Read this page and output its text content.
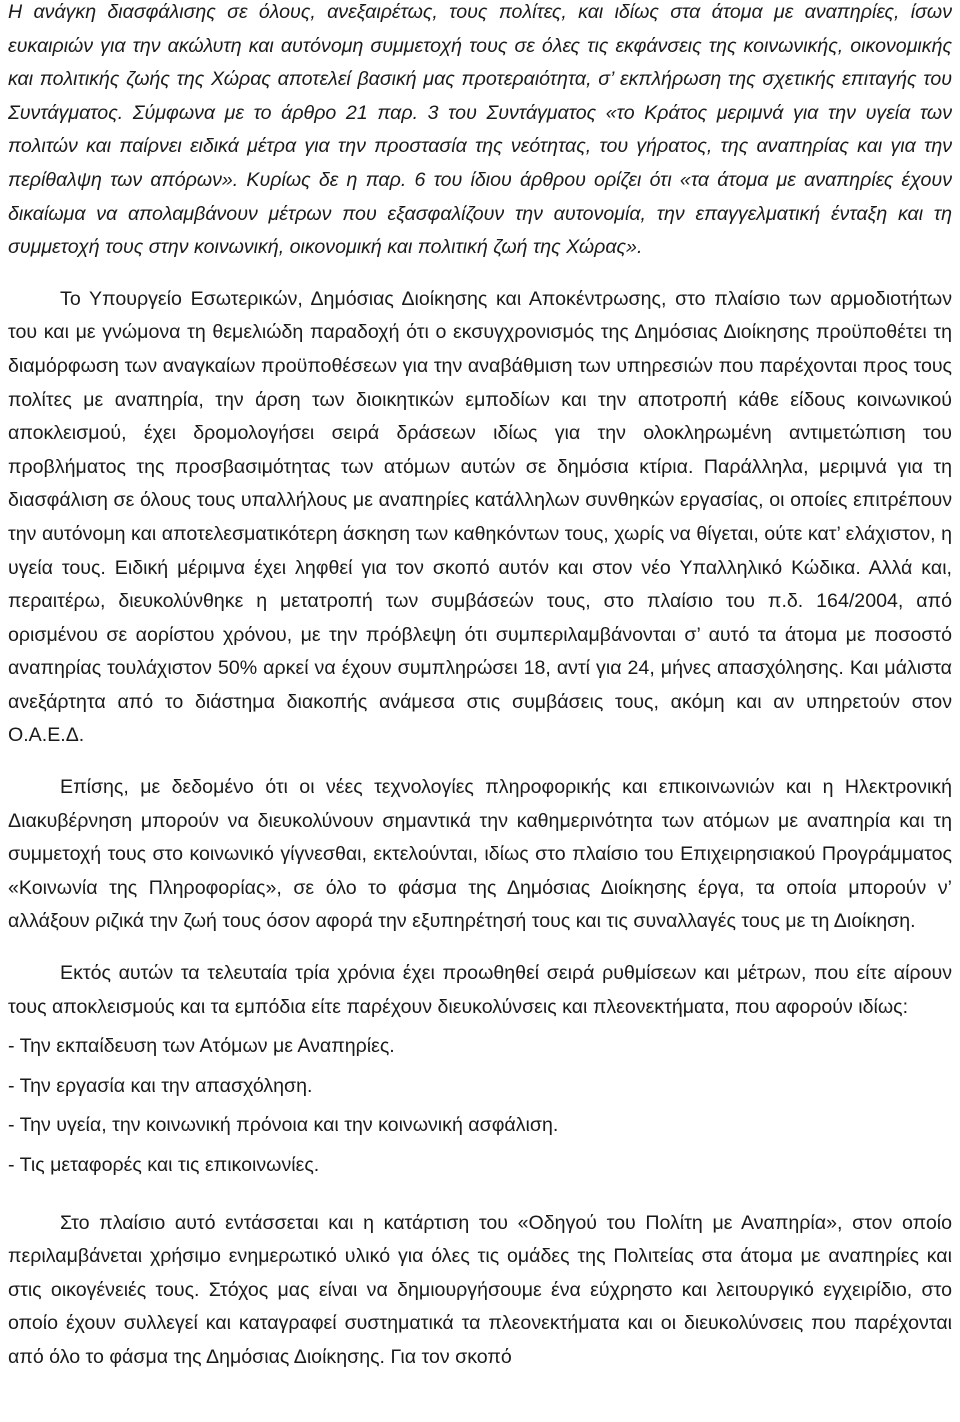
Η ανάγκη διασφάλισης σε όλους, ανεξαιρέτως, τους πολίτες, και ιδίως στα άτομα με αναπηρίες, ίσων ευκαιριών για την ακώλυτη και αυτόνομη συμμετοχή τους σε όλες τις εκφάνσεις της κοινωνικής, οικονομικής και πολιτικής ζωής της Χώρας αποτελεί βασική μας προτεραιότητα, σ’ εκπλήρωση της σχετικής επιταγής του Συντάγματος. Σύμφωνα με το άρθρο 21 παρ. 3 του Συντάγματος «το Κράτος μεριμνά για την υγεία των πολιτών και παίρνει ειδικά μέτρα για την προστασία της νεότητας, του γήρατος, της αναπηρίας και για την περίθαλψη των απόρων». Κυρίως δε η παρ. 6 του ίδιου άρθρου ορίζει ότι «τα άτομα με αναπηρίες έχουν δικαίωμα να απολαμβάνουν μέτρων που εξασφαλίζουν την αυτονομία, την επαγγελματική ένταξη και τη συμμετοχή τους στην κοινωνική, οικονομική και πολιτική ζωή της Χώρας».

Το Υπουργείο Εσωτερικών, Δημόσιας Διοίκησης και Αποκέντρωσης, στο πλαίσιο των αρμοδιοτήτων του και με γνώμονα τη θεμελιώδη παραδοχή ότι ο εκσυγχρονισμός της Δημόσιας Διοίκησης προϋποθέτει τη διαμόρφωση των αναγκαίων προϋποθέσεων για την αναβάθμιση των υπηρεσιών που παρέχονται προς τους πολίτες με αναπηρία, την άρση των διοικητικών εμποδίων και την αποτροπή κάθε είδους κοινωνικού αποκλεισμού, έχει δρομολογήσει σειρά δράσεων ιδίως για την ολοκληρωμένη αντιμετώπιση του προβλήματος της προσβασιμότητας των ατόμων αυτών σε δημόσια κτίρια. Παράλληλα, μεριμνά για τη διασφάλιση σε όλους τους υπαλλήλους με αναπηρίες κατάλληλων συνθηκών εργασίας, οι οποίες επιτρέπουν την αυτόνομη και αποτελεσματικότερη άσκηση των καθηκόντων τους, χωρίς να θίγεται, ούτε κατ’ ελάχιστον, η υγεία τους. Ειδική μέριμνα έχει ληφθεί για τον σκοπό αυτόν και στον νέο Υπαλληλικό Κώδικα. Αλλά και, περαιτέρω, διευκολύνθηκε η μετατροπή των συμβάσεών τους, στο πλαίσιο του π.δ. 164/2004, από ορισμένου σε αορίστου χρόνου, με την πρόβλεψη ότι συμπεριλαμβάνονται σ’ αυτό τα άτομα με ποσοστό αναπηρίας τουλάχιστον 50% αρκεί να έχουν συμπληρώσει 18, αντί για 24, μήνες απασχόλησης. Και μάλιστα ανεξάρτητα από το διάστημα διακοπής ανάμεσα στις συμβάσεις τους, ακόμη και αν υπηρετούν στον Ο.Α.Ε.Δ.

Επίσης, με δεδομένο ότι οι νέες τεχνολογίες πληροφορικής και επικοινωνιών και η Ηλεκτρονική Διακυβέρνηση μπορούν να διευκολύνουν σημαντικά την καθημερινότητα των ατόμων με αναπηρία και τη συμμετοχή τους στο κοινωνικό γίγνεσθαι, εκτελούνται, ιδίως στο πλαίσιο του Επιχειρησιακού Προγράμματος «Κοινωνία της Πληροφορίας», σε όλο το φάσμα της Δημόσιας Διοίκησης έργα, τα οποία μπορούν ν’ αλλάξουν ριζικά την ζωή τους όσον αφορά την εξυπηρέτησή τους και τις συναλλαγές τους με τη Διοίκηση.

Εκτός αυτών τα τελευταία τρία χρόνια έχει προωθηθεί σειρά ρυθμίσεων και μέτρων, που είτε αίρουν τους αποκλεισμούς και τα εμπόδια είτε παρέχουν διευκολύνσεις και πλεονεκτήματα, που αφορούν ιδίως:

- Την εκπαίδευση των Ατόμων με Αναπηρίες.
- Την εργασία και την απασχόληση.
- Την υγεία, την κοινωνική πρόνοια και την κοινωνική ασφάλιση.
- Τις μεταφορές και τις επικοινωνίες.

Στο πλαίσιο αυτό εντάσσεται και η κατάρτιση του «Οδηγού του Πολίτη με Αναπηρία», στον οποίο περιλαμβάνεται χρήσιμο ενημερωτικό υλικό για όλες τις ομάδες της Πολιτείας στα άτομα με αναπηρίες και στις οικογένειές τους. Στόχος μας είναι να δημιουργήσουμε ένα εύχρηστο και λειτουργικό εγχειρίδιο, στο οποίο έχουν συλλεγεί και καταγραφεί συστηματικά τα πλεονεκτήματα και οι διευκολύνσεις που παρέχονται από όλο το φάσμα της Δημόσιας Διοίκησης. Για τον σκοπό
